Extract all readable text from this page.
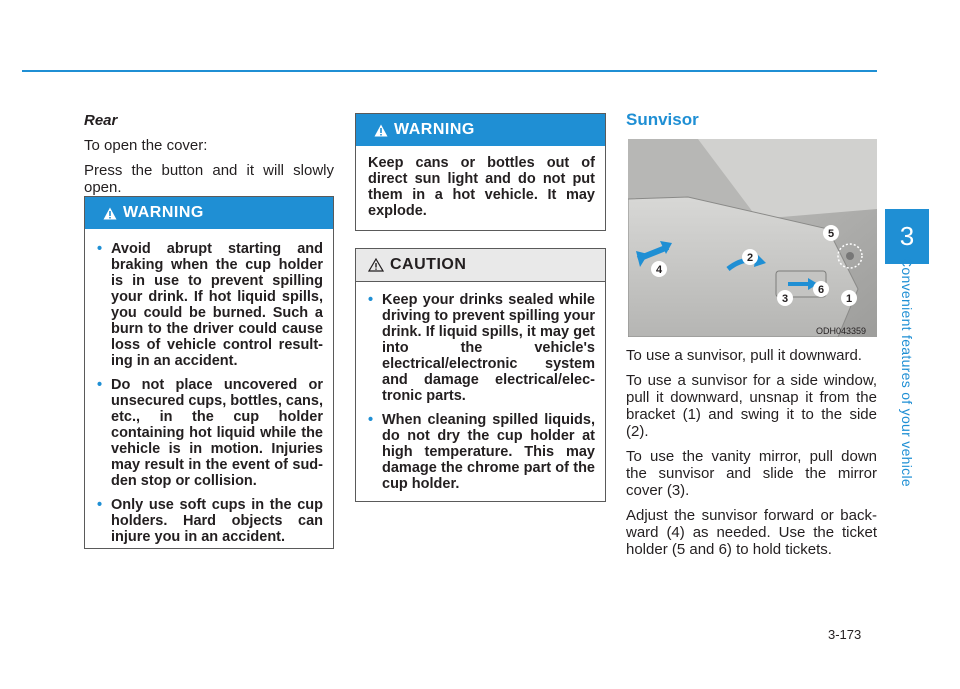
3
Convenient features of your vehicle
Rear

To open the cover:

Press the button and it will slowly open.

WARNING
• Avoid abrupt starting and braking when the cup holder is in use to prevent spilling your drink. If hot liquid spills, you could be burned. Such a burn to the driver could cause loss of vehicle control result-ing in an accident.
• Do not place uncovered or unsecured cups, bottles, cans, etc., in the cup holder containing hot liquid while the vehicle is in motion. Injuries may result in the event of sud-den stop or collision.
• Only use soft cups in the cup holders. Hard objects can injure you in an accident.
WARNING

Keep cans or bottles out of direct sun light and do not put them in a hot vehicle. It may explode.

CAUTION
• Keep your drinks sealed while driving to prevent spilling your drink. If liquid spills, it may get into the vehicle's electrical/electronic system and damage electrical/elec-tronic parts.
• When cleaning spilled liquids, do not dry the cup holder at high temperature. This may damage the chrome part of the cup holder.
Sunvisor
1
2
3
4
5
6
ODH043359

To use a sunvisor, pull it downward.

To use a sunvisor for a side window, pull it downward, unsnap it from the bracket (1) and swing it to the side (2).

To use the vanity mirror, pull down the sunvisor and slide the mirror cover (3).

Adjust the sunvisor forward or back-ward (4) as needed. Use the ticket holder (5 and 6) to hold tickets.

3-173
